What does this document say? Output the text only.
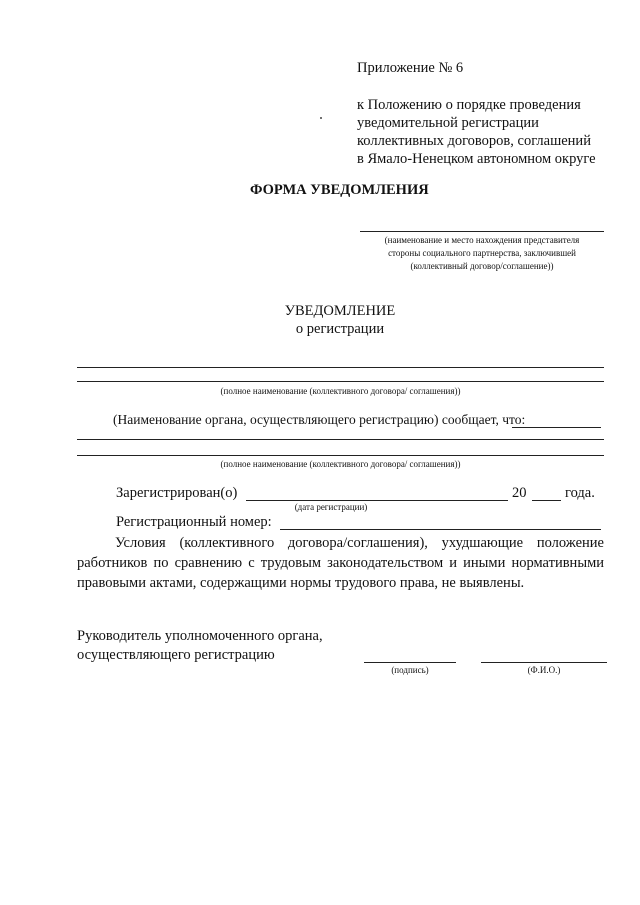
Приложение № 6
к Положению о порядке проведения
уведомительной регистрации
коллективных договоров, соглашений
в Ямало-Ненецком автономном округе
ФОРМА УВЕДОМЛЕНИЯ
(наименование и место нахождения представителя
стороны социального партнерства, заключившей
(коллективный договор/соглашение))
УВЕДОМЛЕНИЕ
о регистрации
(полное наименование (коллективного договора/ соглашения))
(Наименование органа, осуществляющего регистрацию) сообщает, что:
(полное наименование (коллективного договора/ соглашения))
Зарегистрирован(о)	20	года.
(дата регистрации)
Регистрационный номер:
Условия (коллективного договора/соглашения), ухудшающие положение работников по сравнению с трудовым законодательством и иными нормативными правовыми актами, содержащими нормы трудового права, не выявлены.
Руководитель уполномоченного органа,
осуществляющего регистрацию
(подпись)	(Ф.И.О.)
